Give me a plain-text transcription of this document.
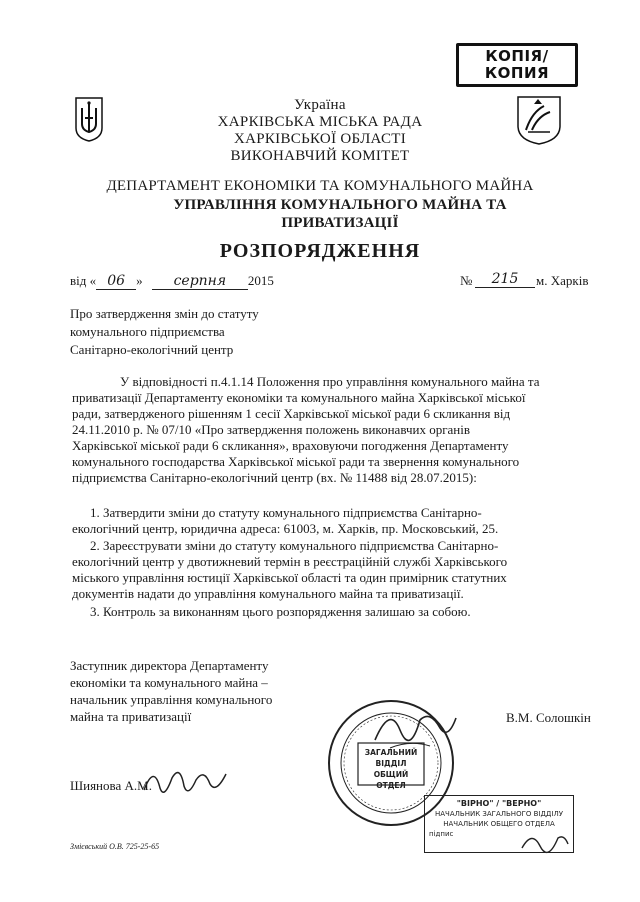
КОПІЯ/
КОПИЯ
Україна
ХАРКІВСЬКА МІСЬКА РАДА
ХАРКІВСЬКОЇ ОБЛАСТІ
ВИКОНАВЧИЙ КОМІТЕТ
ДЕПАРТАМЕНТ ЕКОНОМІКИ ТА КОМУНАЛЬНОГО МАЙНА
УПРАВЛІННЯ КОМУНАЛЬНОГО МАЙНА ТА
ПРИВАТИЗАЦІЇ
РОЗПОРЯДЖЕННЯ
від « 06 » серпня 2015	№	215	м. Харків
Про затвердження змін до статуту
комунального підприємства
Санітарно-екологічний центр
У відповідності п.4.1.14 Положення про управління комунального майна та
приватизації Департаменту економіки та комунального майна Харківської міської
ради, затвердженого рішенням 1 сесії Харківської міської ради 6 скликання від
24.11.2010 р. № 07/10 «Про затвердження положень виконавчих органів
Харківської міської ради 6 скликання», враховуючи погодження Департаменту
комунального господарства Харківської міської ради та звернення комунального
підприємства Санітарно-екологічний центр (вх. № 11488 від 28.07.2015):
1. Затвердити зміни до статуту комунального підприємства Санітарно-
екологічний центр, юридична адреса: 61003, м. Харків, пр. Московський, 25.
2. Зареєструвати зміни до статуту комунального підприємства Санітарно-
екологічний центр у двотижневий термін в реєстраційній службі Харківського
міського управління юстиції Харківської області та один примірник статутних
документів надати до управління комунального майна та приватизації.
3. Контроль за виконанням цього розпорядження залишаю за собою.
Заступник директора Департаменту
економіки та комунального майна –
начальник управління комунального
майна та приватизації	В.М. Солошкін
ЗАГАЛЬНИЙ
ВІДДІЛ
ОБЩИЙ ОТДЕЛ
"ВІРНО" / "ВЕРНО"
НАЧАЛЬНИК ЗАГАЛЬНОГО ВІДДІЛУ
НАЧАЛЬНИК ОБЩЕГО ОТДЕЛА
підпис
Шиянова А.М.
Змієвський О.В. 725-25-65
